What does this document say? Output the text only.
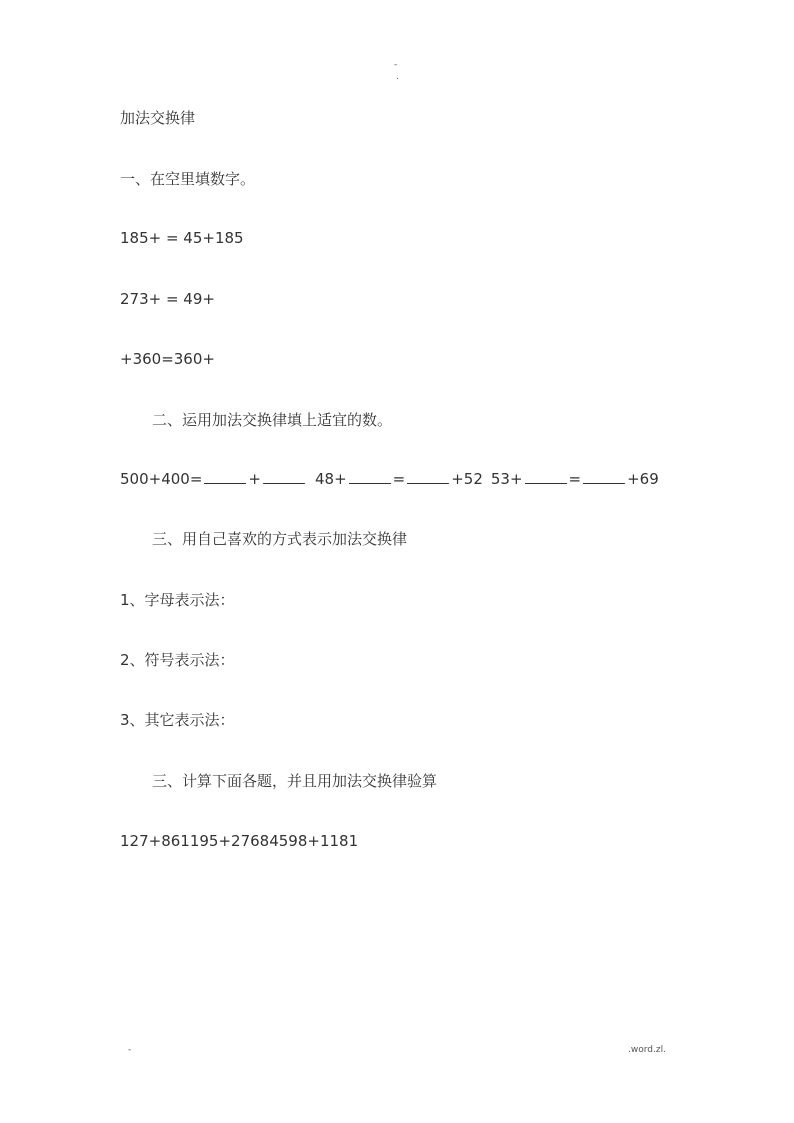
-
.
加法交换律
一、在空里填数字。
185+ = 45+185
273+ = 49+
+360=360+
二、运用加法交换律填上适宜的数。
500+400=	+	48+	=	+52 53+	=	+69
三、用自己喜欢的方式表示加法交换律
1、字母表示法：
2、符号表示法：
3、其它表示法：
三、计算下面各题，并且用加法交换律验算
127+861195+27684598+1181
-	.word.zl.
